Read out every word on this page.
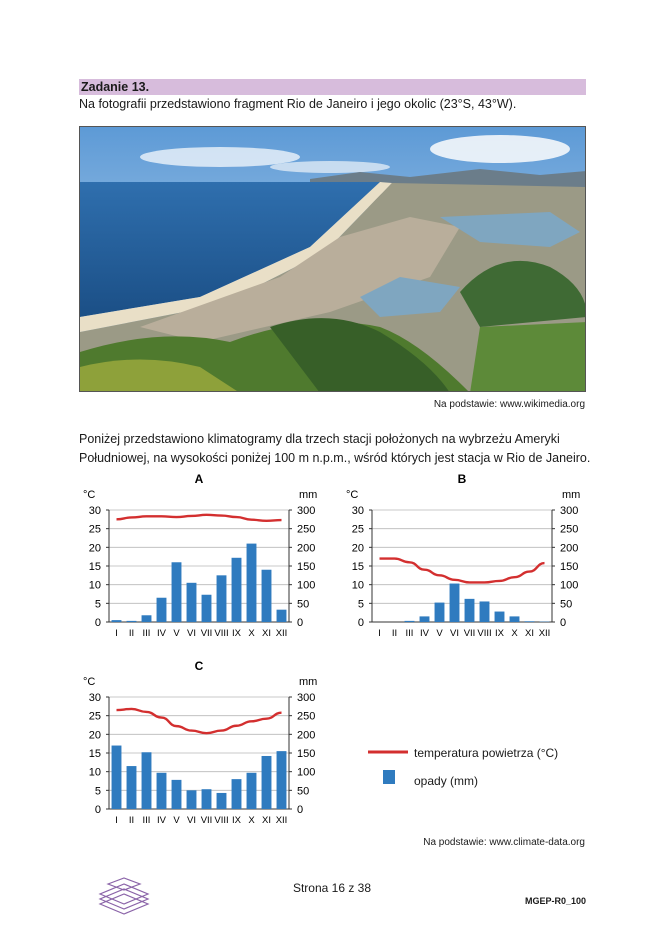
Zadanie 13.
Na fotografii przedstawiono fragment Rio de Janeiro i jego okolic (23°S, 43°W).
Na podstawie: www.wikimedia.org
Poniżej przedstawiono klimatogramy dla trzech stacji położonych na wybrzeżu Ameryki Południowej, na wysokości poniżej 100 m n.p.m., wśród których jest stacja w Rio de Janeiro.
A
°C	mm
0
5
10
15
20
25
30
0
50
100
150
200
250
300
I II III IV V VI VII VIII IX X XI XII
B
°C	mm
0
5
10
15
20
25
30
0
50
100
150
200
250
300
I II III IV V VI VII VIII IX X XI XII
C
°C	mm
0
5
10
15
20
25
30
0
50
100
150
200
250
300
I II III IV V VI VII VIII IX X XI XII
temperatura powietrza (°C)
opady (mm)
Na podstawie: www.climate-data.org
Strona 16 z 38
MGEP-R0_100
